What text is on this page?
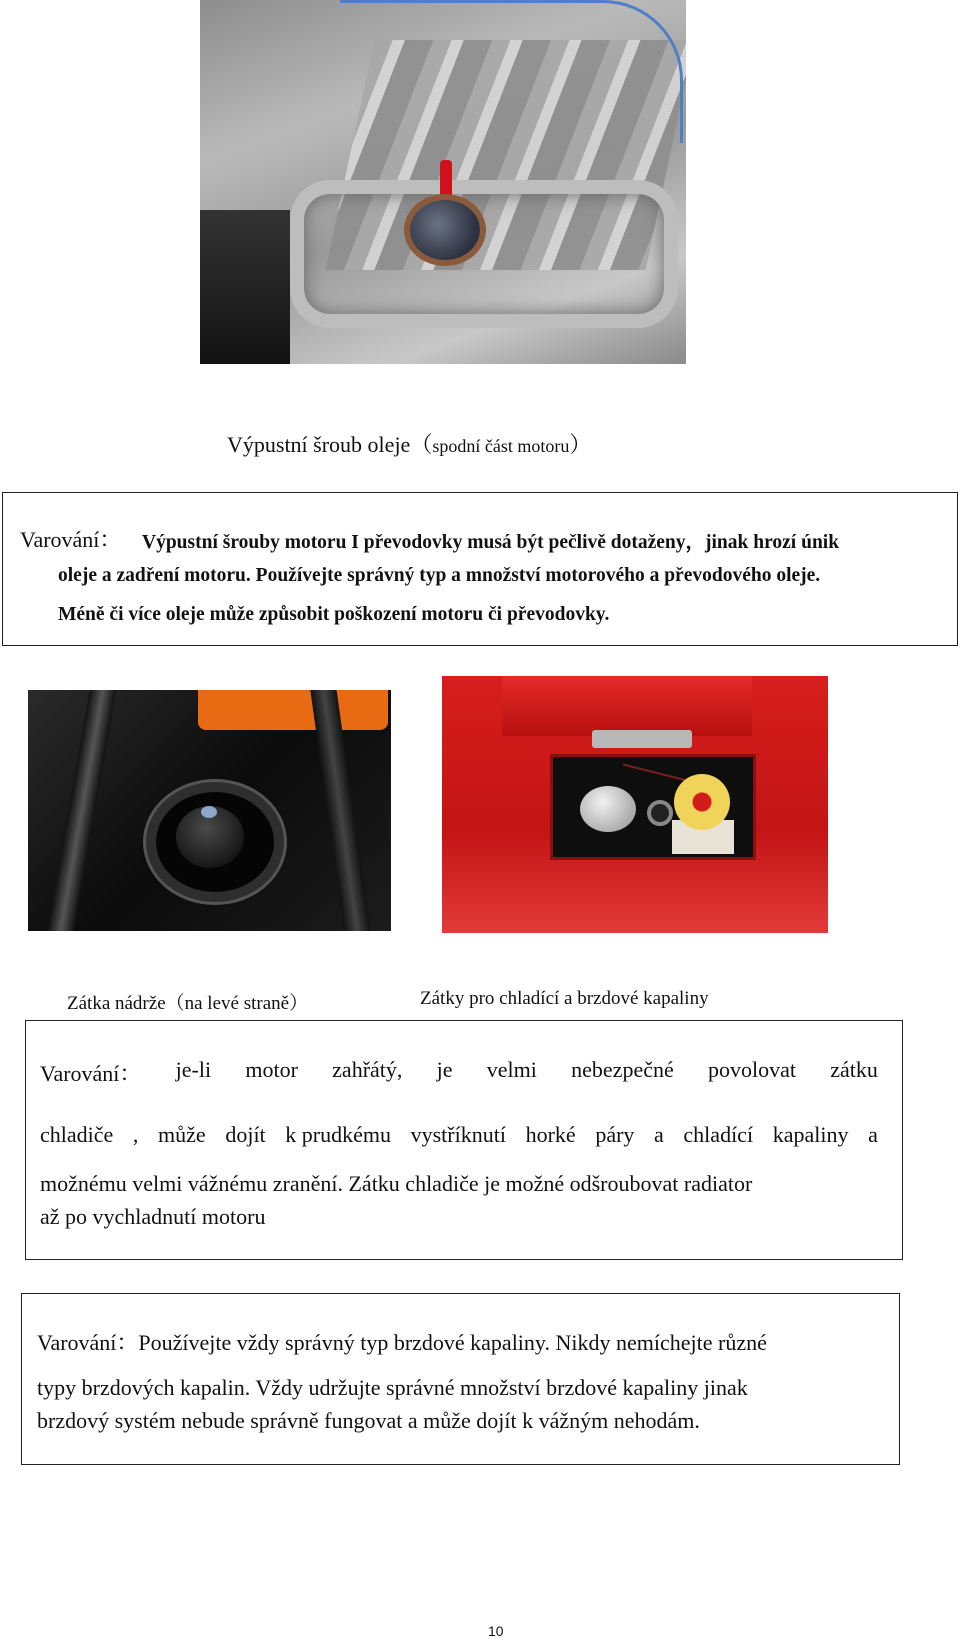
Výpustní šroub oleje（spodní část motoru）
Varování： Výpustní šrouby motoru I převodovky musá být pečlivě dotaženy，jinak hrozí únik
oleje a zadření motoru. Používejte správný typ a množství motorového a převodového oleje.
Méně či více oleje může způsobit poškození motoru či převodovky.
Zátka nádrže（na levé straně）	Zátky pro chladící a brzdové kapaliny
Varování： je-li motor zahřátý, je velmi nebezpečné povolovat zátku
chladiče , může dojít k prudkému vystříknutí horké páry a chladící kapaliny a
možnému velmi vážnému zranění. Zátku chladiče je možné odšroubovat radiator
až po vychladnutí motoru
Varování：Používejte vždy správný typ brzdové kapaliny. Nikdy nemíchejte různé
typy brzdových kapalin. Vždy udržujte správné množství brzdové kapaliny jinak
brzdový systém nebude správně fungovat a může dojít k vážným nehodám.
10
